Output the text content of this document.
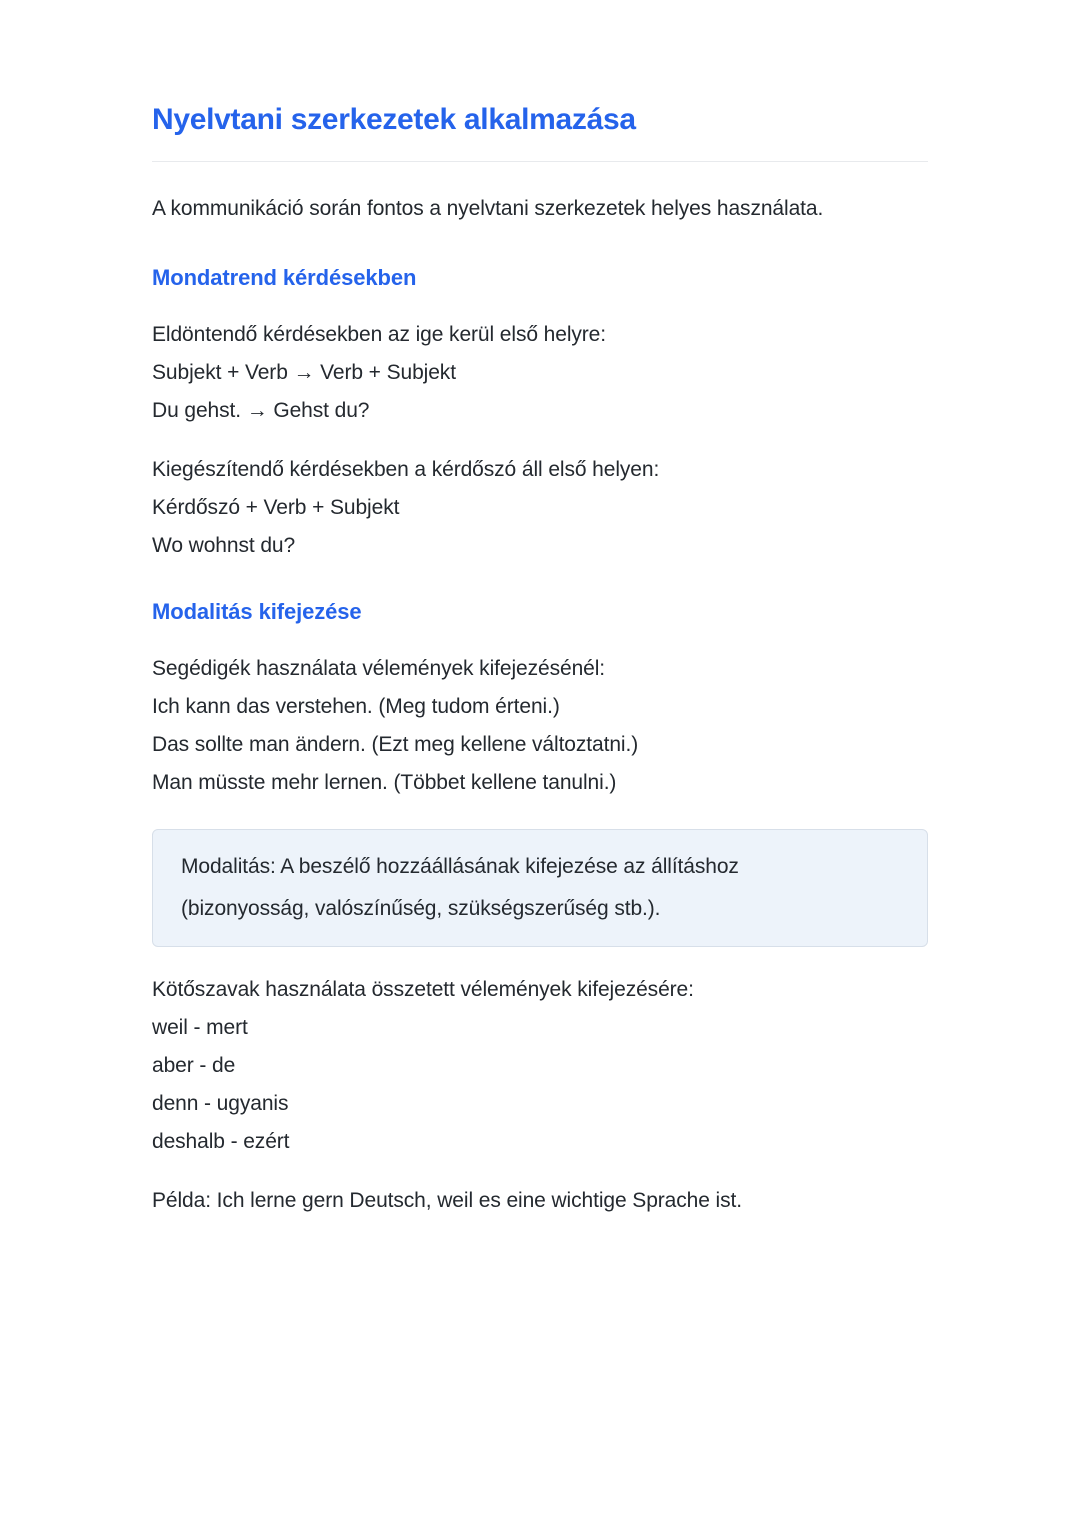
Nyelvtani szerkezetek alkalmazása

A kommunikáció során fontos a nyelvtani szerkezetek helyes használata.

Mondatrend kérdésekben

Eldöntendő kérdésekben az ige kerül első helyre:
Subjekt + Verb → Verb + Subjekt
Du gehst. → Gehst du?

Kiegészítendő kérdésekben a kérdőszó áll első helyen:
Kérdőszó + Verb + Subjekt
Wo wohnst du?

Modalitás kifejezése

Segédigék használata vélemények kifejezésénél:
Ich kann das verstehen. (Meg tudom érteni.)
Das sollte man ändern. (Ezt meg kellene változtatni.)
Man müsste mehr lernen. (Többet kellene tanulni.)

Modalitás: A beszélő hozzáállásának kifejezése az állításhoz
(bizonyosság, valószínűség, szükségszerűség stb.).

Kötőszavak használata összetett vélemények kifejezésére:
weil - mert
aber - de
denn - ugyanis
deshalb - ezért

Példa: Ich lerne gern Deutsch, weil es eine wichtige Sprache ist.
